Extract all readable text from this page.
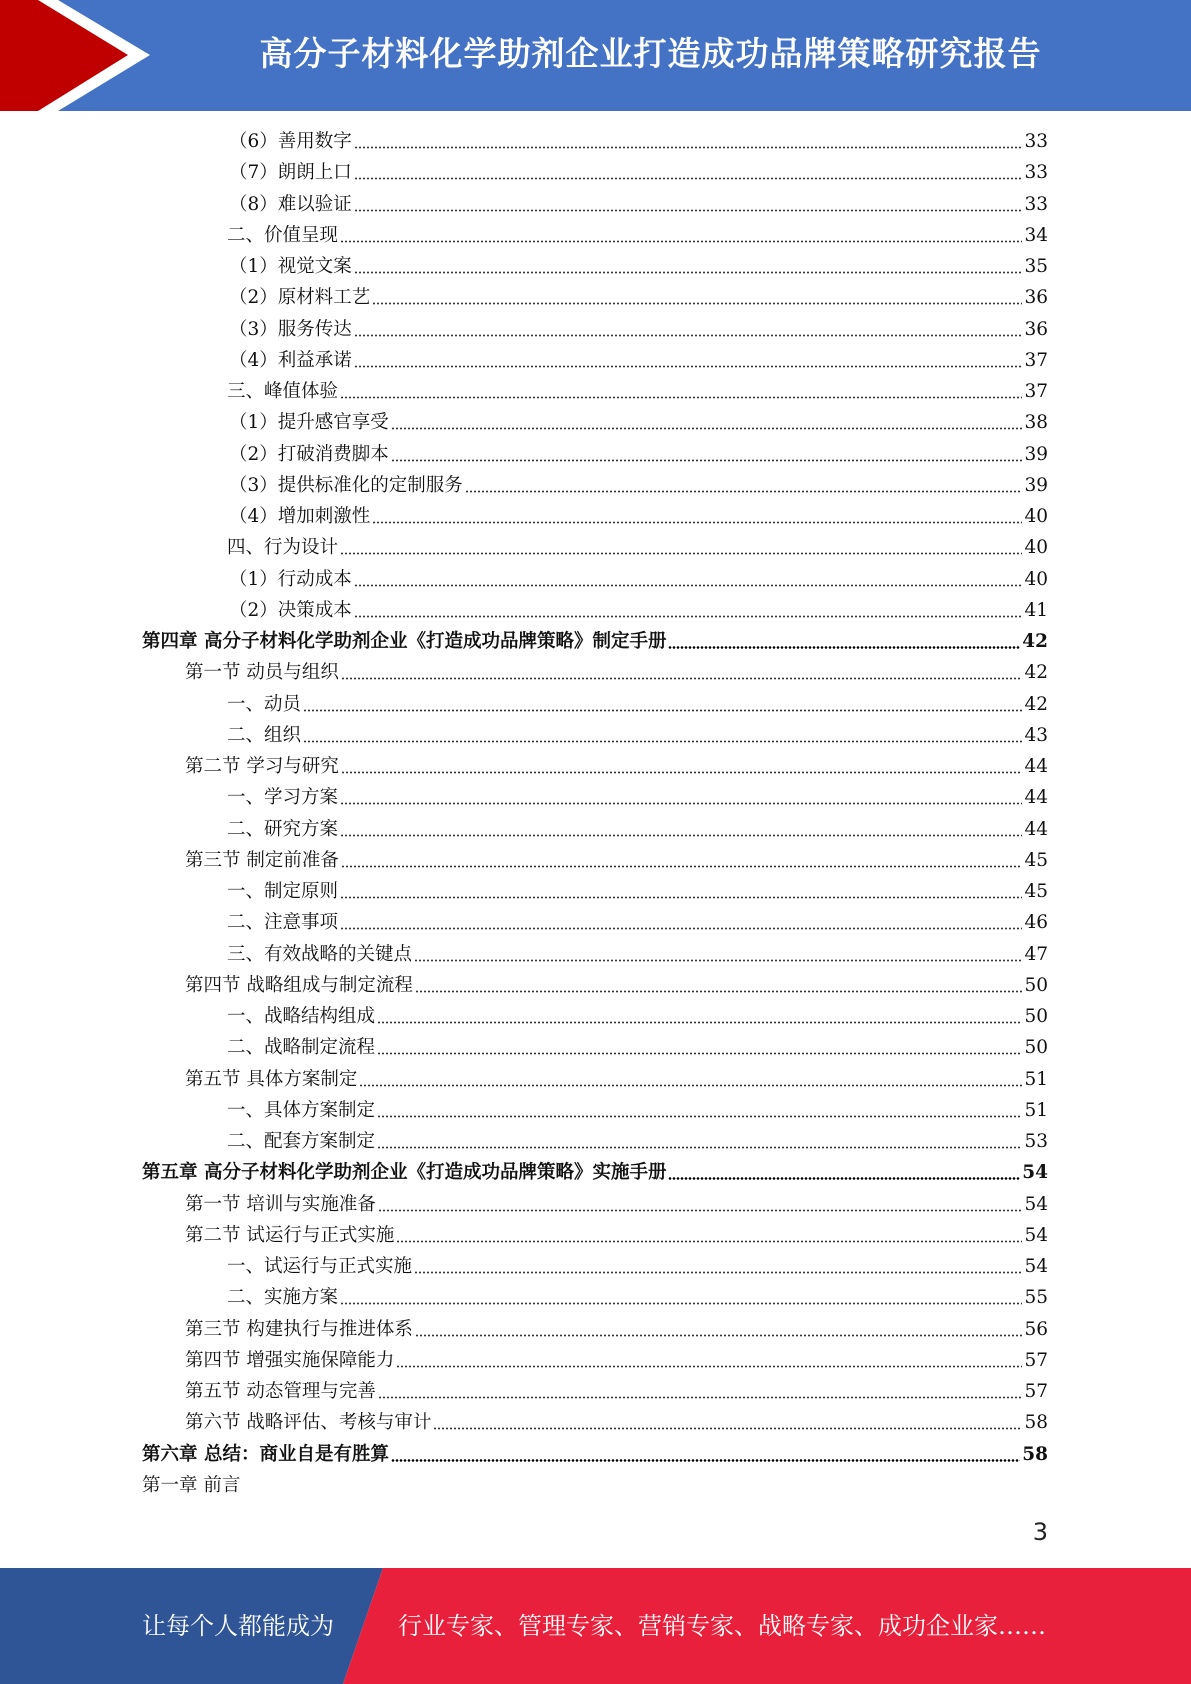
高分子材料化学助剂企业打造成功品牌策略研究报告
（6）善用数字	33
（7）朗朗上口	33
（8）难以验证	33
二、价值呈现	34
（1）视觉文案	35
（2）原材料工艺	36
（3）服务传达	36
（4）利益承诺	37
三、峰值体验	37
（1）提升感官享受	38
（2）打破消费脚本	39
（3）提供标准化的定制服务	39
（4）增加刺激性	40
四、行为设计	40
（1）行动成本	40
（2）决策成本	41
第四章 高分子材料化学助剂企业《打造成功品牌策略》制定手册	42
第一节 动员与组织	42
一、动员	42
二、组织	43
第二节 学习与研究	44
一、学习方案	44
二、研究方案	44
第三节 制定前准备	45
一、制定原则	45
二、注意事项	46
三、有效战略的关键点	47
第四节 战略组成与制定流程	50
一、战略结构组成	50
二、战略制定流程	50
第五节 具体方案制定	51
一、具体方案制定	51
二、配套方案制定	53
第五章 高分子材料化学助剂企业《打造成功品牌策略》实施手册	54
第一节 培训与实施准备	54
第二节 试运行与正式实施	54
一、试运行与正式实施	54
二、实施方案	55
第三节 构建执行与推进体系	56
第四节 增强实施保障能力	57
第五节 动态管理与完善	57
第六节 战略评估、考核与审计	58
第六章 总结：商业自是有胜算	58
第一章 前言
3
让每个人都能成为	行业专家、管理专家、营销专家、战略专家、成功企业家……
